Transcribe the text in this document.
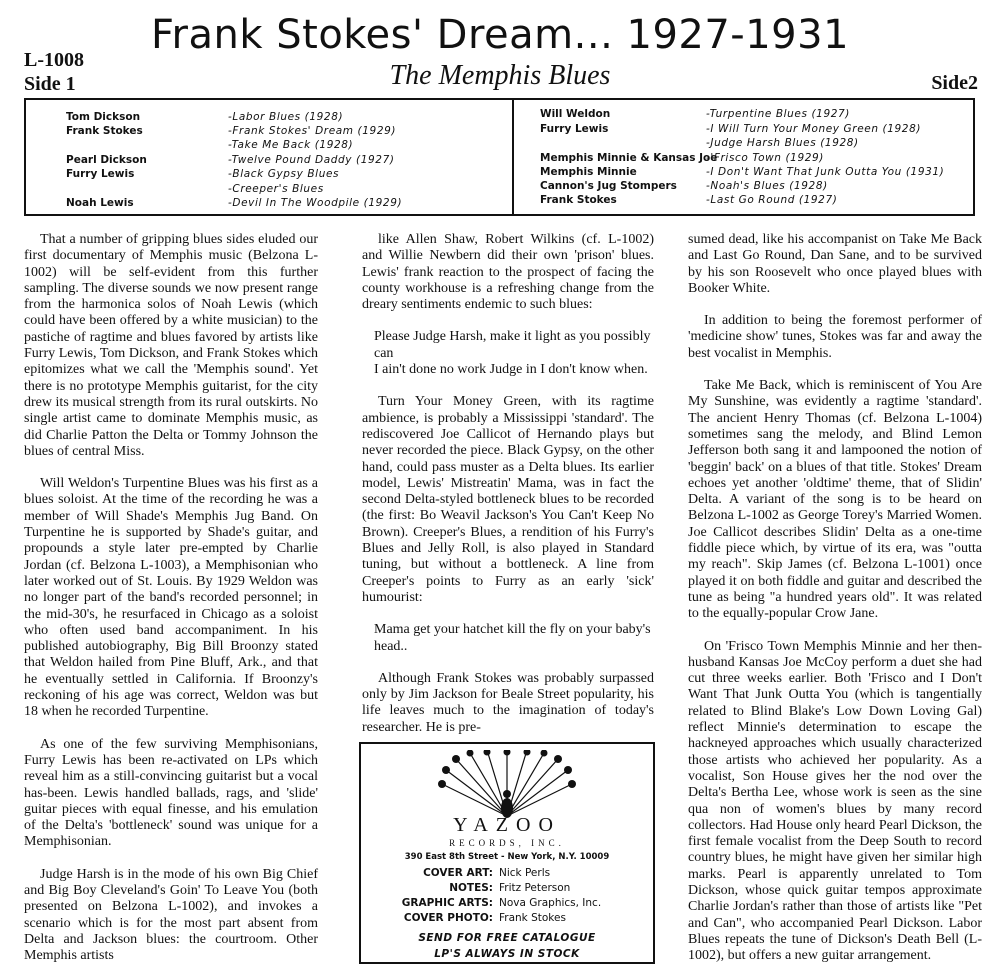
Frank Stokes' Dream... 1927-1931
The Memphis Blues
L-1008
Side 1	Side2
Tom Dickson	-Labor Blues (1928)
Frank Stokes	-Frank Stokes' Dream (1929)
-Take Me Back (1928)
Pearl Dickson	-Twelve Pound Daddy (1927)
Furry Lewis	-Black Gypsy Blues
-Creeper's Blues
Noah Lewis	-Devil In The Woodpile (1929)
Will Weldon	-Turpentine Blues (1927)
Furry Lewis	-I Will Turn Your Money Green (1928)
-Judge Harsh Blues (1928)
Memphis Minnie & Kansas Joe
-'Frisco Town (1929)
Memphis Minnie	-I Don't Want That Junk Outta You (1931)
Cannon's Jug Stompers	-Noah's Blues (1928)
Frank Stokes	-Last Go Round (1927)

That a number of gripping blues sides eluded our first documentary of Memphis music (Belzona L-1002) will be self-evident from this further sampling. The diverse sounds we now present range from the harmonica solos of Noah Lewis (which could have been offered by a white musician) to the pastiche of ragtime and blues favored by artists like Furry Lewis, Tom Dickson, and Frank Stokes which epitomizes what we call the 'Memphis sound'. Yet there is no prototype Memphis guitarist, for the city drew its musical strength from its rural outskirts. No single artist came to dominate Memphis music, as did Charlie Patton the Delta or Tommy Johnson the blues of central Miss.

Will Weldon's Turpentine Blues was his first as a blues soloist. At the time of the recording he was a member of Will Shade's Memphis Jug Band. On Turpentine he is supported by Shade's guitar, and propounds a style later pre-empted by Charlie Jordan (cf. Belzona L-1003), a Memphisonian who later worked out of St. Louis. By 1929 Weldon was no longer part of the band's recorded personnel; in the mid-30's, he resurfaced in Chicago as a soloist who often used band accompaniment. In his published autobiography, Big Bill Broonzy stated that Weldon hailed from Pine Bluff, Ark., and that he eventually settled in California. If Broonzy's reckoning of his age was correct, Weldon was but 18 when he recorded Turpentine.

As one of the few surviving Memphisonians, Furry Lewis has been re-activated on LPs which reveal him as a still-convincing guitarist but a vocal has-been. Lewis handled ballads, rags, and 'slide' guitar pieces with equal finesse, and his emulation of the Delta's 'bottleneck' sound was unique for a Memphisonian.

Judge Harsh is in the mode of his own Big Chief and Big Boy Cleveland's Goin' To Leave You (both presented on Belzona L-1002), and invokes a scenario which is for the most part absent from Delta and Jackson blues: the courtroom. Other Memphis artists

like Allen Shaw, Robert Wilkins (cf. L-1002) and Willie Newbern did their own 'prison' blues. Lewis' frank reaction to the prospect of facing the county workhouse is a refreshing change from the dreary sentiments endemic to such blues:

Please Judge Harsh, make it light as you possibly can
I ain't done no work Judge in I don't know when.

Turn Your Money Green, with its ragtime ambience, is probably a Mississippi 'standard'. The rediscovered Joe Callicot of Hernando plays but never recorded the piece. Black Gypsy, on the other hand, could pass muster as a Delta blues. Its earlier model, Lewis' Mistreatin' Mama, was in fact the second Delta-styled bottleneck blues to be recorded (the first: Bo Weavil Jackson's You Can't Keep No Brown). Creeper's Blues, a rendition of his Furry's Blues and Jelly Roll, is also played in Standard tuning, but without a bottleneck. A line from Creeper's points to Furry as an early 'sick' humourist:

Mama get your hatchet kill the fly on your baby's head..

Although Frank Stokes was probably surpassed only by Jim Jackson for Beale Street popularity, his life leaves much to the imagination of today's researcher. He is pre-

sumed dead, like his accompanist on Take Me Back and Last Go Round, Dan Sane, and to be survived by his son Roosevelt who once played blues with Booker White.

In addition to being the foremost performer of 'medicine show' tunes, Stokes was far and away the best vocalist in Memphis.

Take Me Back, which is reminiscent of You Are My Sunshine, was evidently a ragtime 'standard'. The ancient Henry Thomas (cf. Belzona L-1004) sometimes sang the melody, and Blind Lemon Jefferson both sang it and lampooned the notion of 'beggin' back' on a blues of that title. Stokes' Dream echoes yet another 'oldtime' theme, that of Slidin' Delta. A variant of the song is to be heard on Belzona L-1002 as George Torey's Married Women. Joe Callicot describes Slidin' Delta as a one-time fiddle piece which, by virtue of its era, was "outta my reach". Skip James (cf. Belzona L-1001) once played it on both fiddle and guitar and described the tune as being "a hundred years old". It was related to the equally-popular Crow Jane.

On 'Frisco Town Memphis Minnie and her then-husband Kansas Joe McCoy perform a duet she had cut three weeks earlier. Both 'Frisco and I Don't Want That Junk Outta You (which is tangentially related to Blind Blake's Low Down Loving Gal) reflect Minnie's determination to escape the hackneyed approaches which usually characterized those artists who achieved her popularity. As a vocalist, Son House gives her the nod over the Delta's Bertha Lee, whose work is seen as the sine qua non of women's blues by many record collectors. Had House only heard Pearl Dickson, the first female vocalist from the Deep South to record country blues, he might have given her similar high marks. Pearl is apparently unrelated to Tom Dickson, whose quick guitar tempos approximate Charlie Jordan's rather than those of artists like "Pet and Can", who accompanied Pearl Dickson. Labor Blues repeats the tune of Dickson's Death Bell (L-1002), but offers a new guitar arrangement.

YAZOO
RECORDS, INC.
390 East 8th Street - New York, N.Y. 10009
COVER ART: Nick Perls
NOTES: Fritz Peterson
GRAPHIC ARTS: Nova Graphics, Inc.
COVER PHOTO: Frank Stokes
SEND FOR FREE CATALOGUE
LP'S ALWAYS IN STOCK
